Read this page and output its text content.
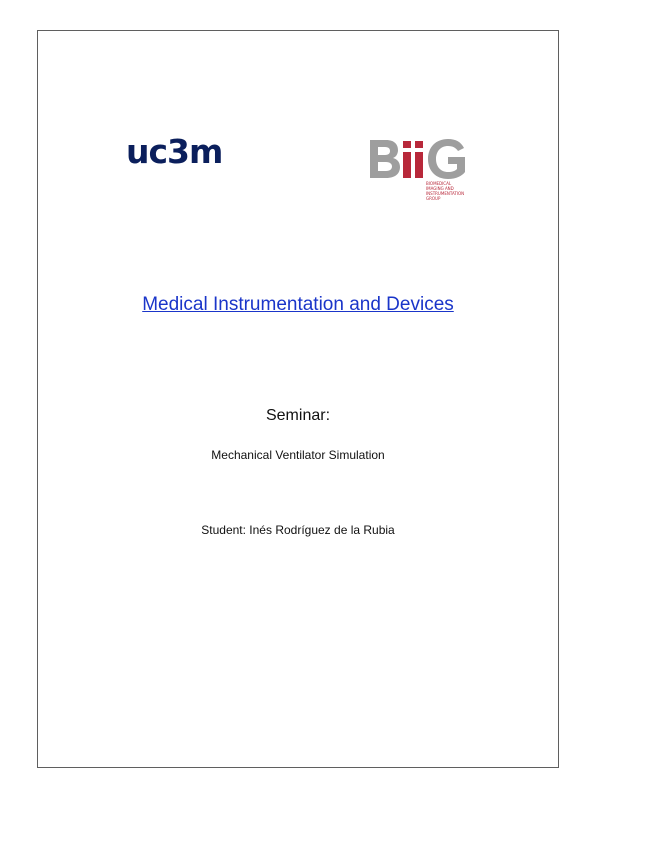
uc3m
BIOMEDICAL
IMAGING AND
INSTRUMENTATION
GROUP
Medical Instrumentation and Devices
Seminar:
Mechanical Ventilator Simulation
Student: Inés Rodríguez de la Rubia
